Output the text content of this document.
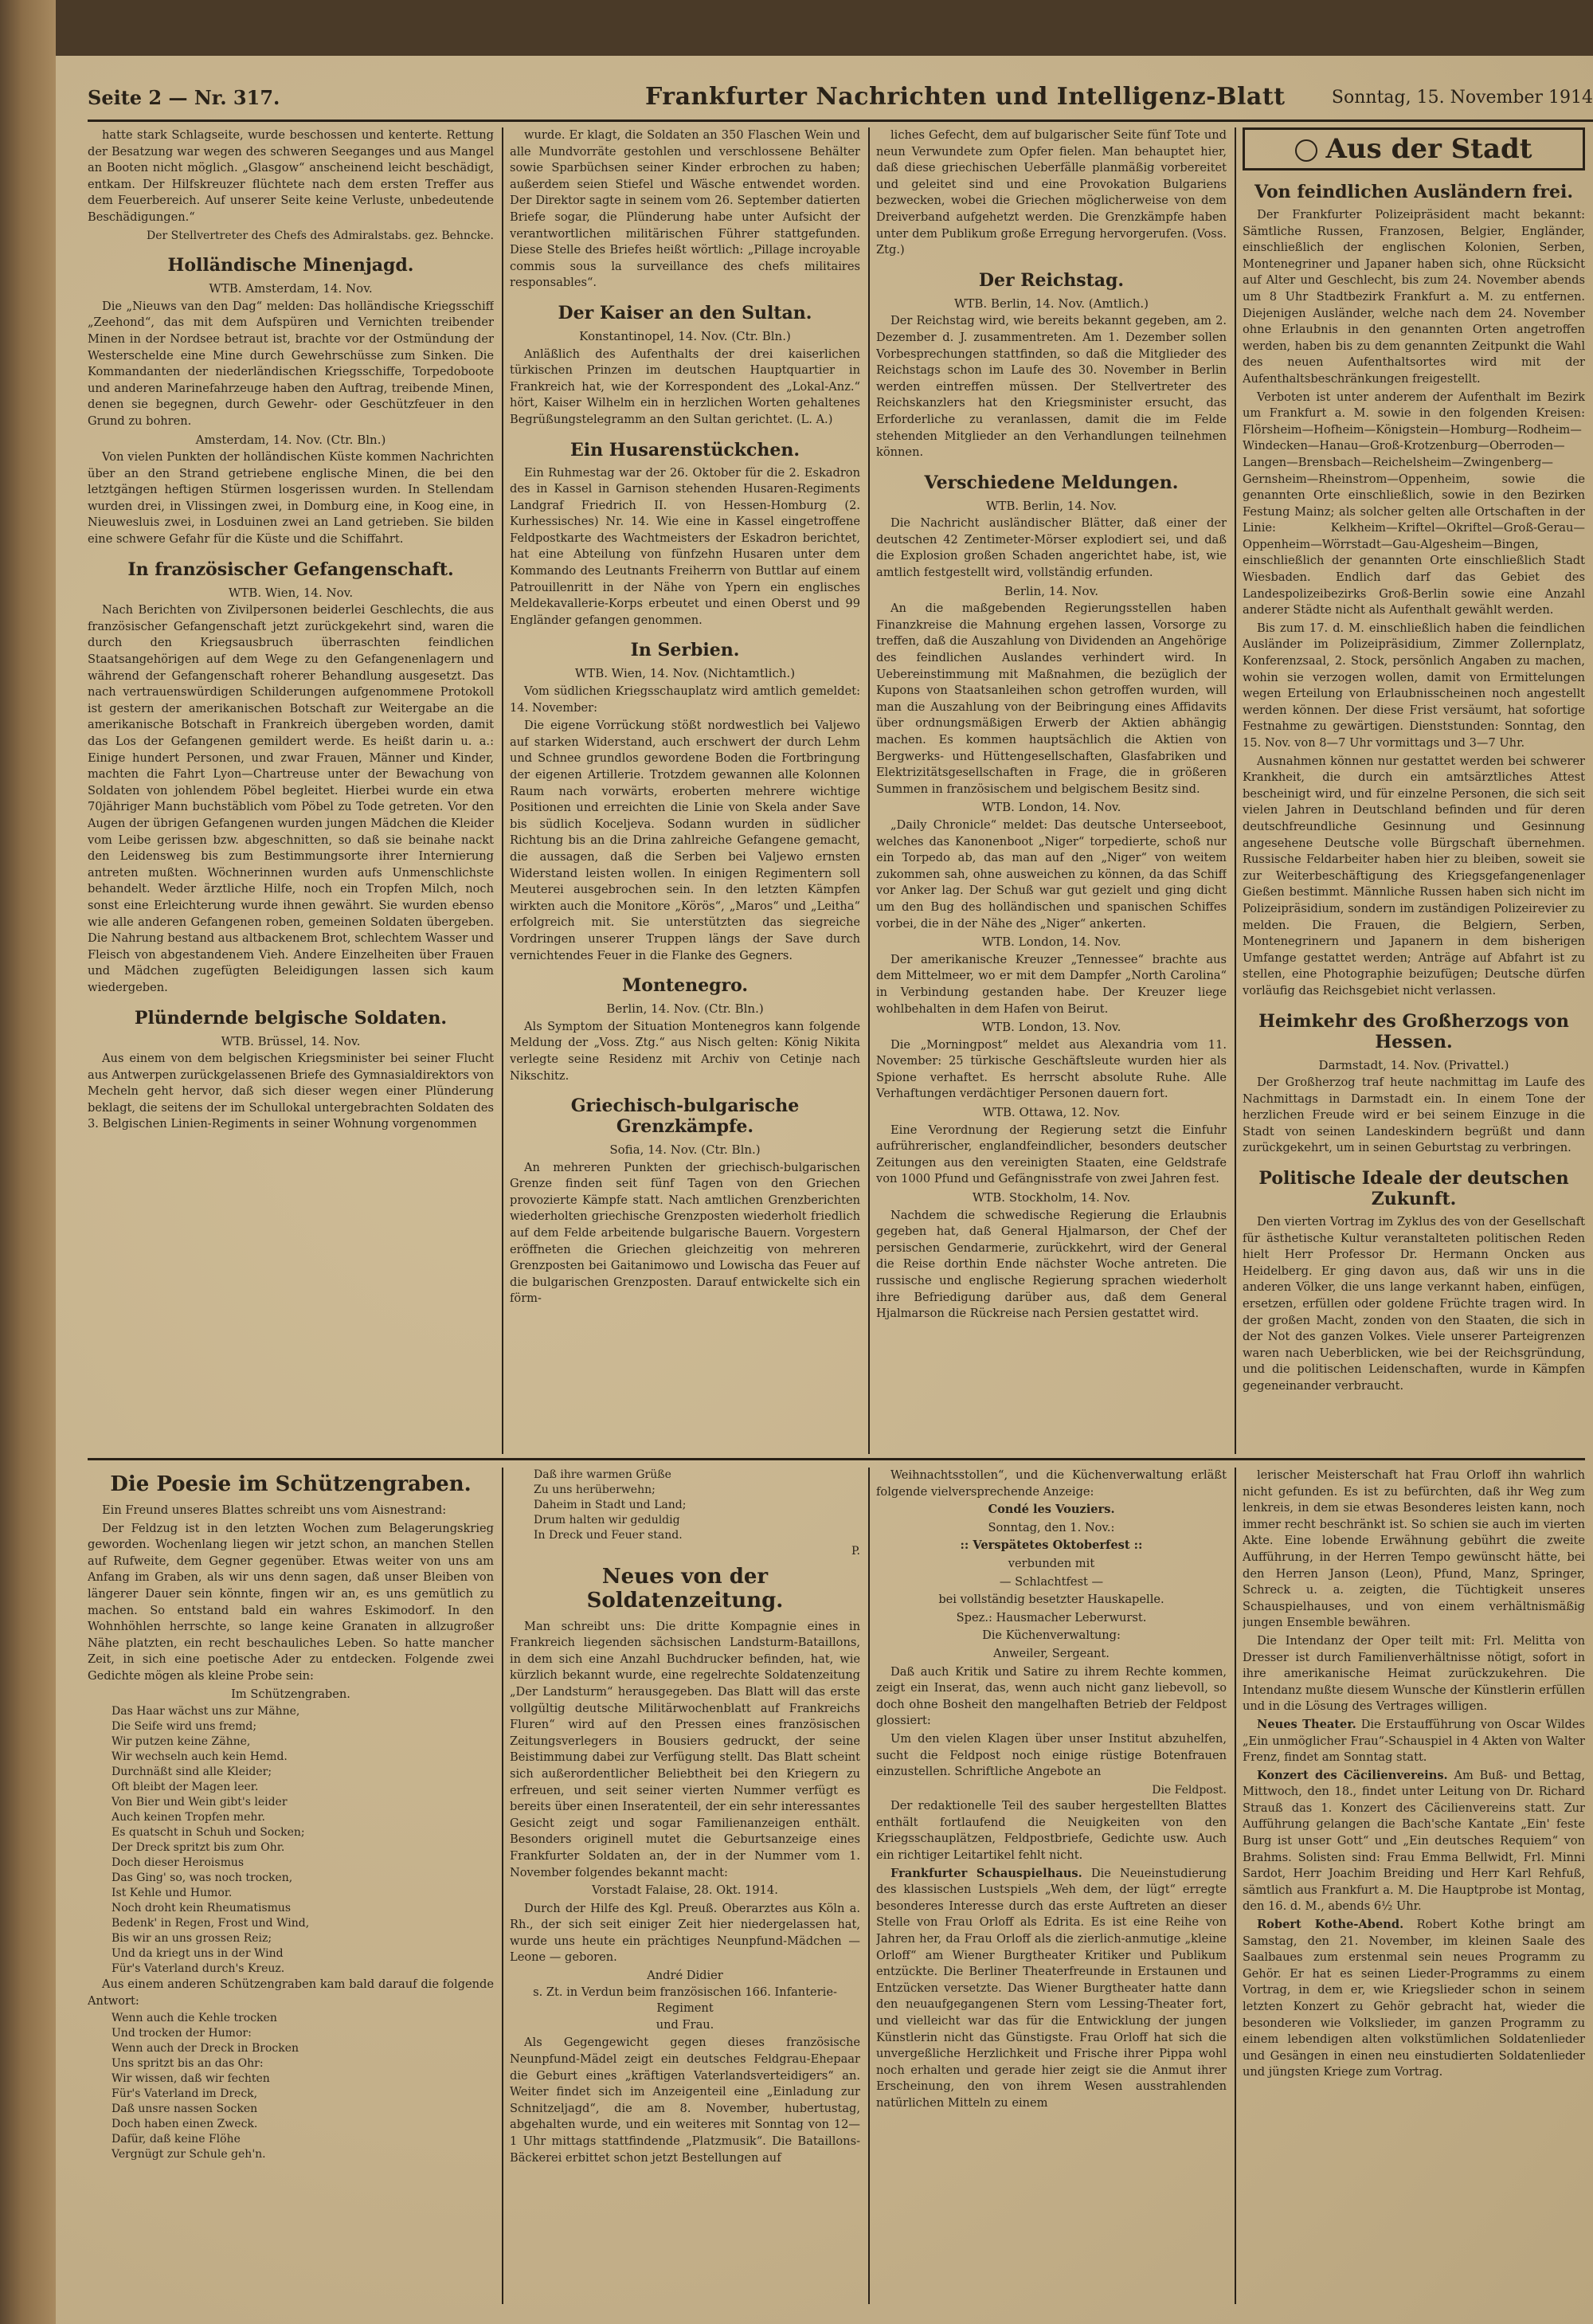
Seite 2 — Nr. 317.	Frankfurter Nachrichten und Intelligenz-Blatt	Sonntag, 15. November 1914

hatte stark Schlagseite, wurde beschossen und kenterte. Rettung der Besatzung war wegen des schweren Seeganges und aus Mangel an Booten nicht möglich. „Glasgow“ anscheinend leicht beschädigt, entkam. Der Hilfskreuzer flüchtete nach dem ersten Treffer aus dem Feuerbereich. Auf unserer Seite keine Verluste, unbedeutende Beschädigungen.“

Der Stellvertreter des Chefs des Admiralstabs. gez. Behncke.

Holländische Minenjagd.
WTB. Amsterdam, 14. Nov.

Die „Nieuws van den Dag“ melden: Das holländische Kriegsschiff „Zeehond“, das mit dem Aufspüren und Vernichten treibender Minen in der Nordsee betraut ist, brachte vor der Ostmündung der Westerschelde eine Mine durch Gewehrschüsse zum Sinken. Die Kommandanten der niederländischen Kriegsschiffe, Torpedoboote und anderen Marinefahrzeuge haben den Auftrag, treibende Minen, denen sie begegnen, durch Gewehr- oder Geschützfeuer in den Grund zu bohren.

Amsterdam, 14. Nov. (Ctr. Bln.)

Von vielen Punkten der holländischen Küste kommen Nachrichten über an den Strand getriebene englische Minen, die bei den letztgängen heftigen Stürmen losgerissen wurden. In Stellendam wurden drei, in Vlissingen zwei, in Domburg eine, in Koog eine, in Nieuwesluis zwei, in Losduinen zwei an Land getrieben. Sie bilden eine schwere Gefahr für die Küste und die Schiffahrt.

In französischer Gefangenschaft.
WTB. Wien, 14. Nov.

Nach Berichten von Zivilpersonen beiderlei Geschlechts, die aus französischer Gefangenschaft jetzt zurückgekehrt sind, waren die durch den Kriegsausbruch überraschten feindlichen Staatsangehörigen auf dem Wege zu den Gefangenenlagern und während der Gefangenschaft roherer Behandlung ausgesetzt. Das nach vertrauenswürdigen Schilderungen aufgenommene Protokoll ist gestern der amerikanischen Botschaft zur Weitergabe an die amerikanische Botschaft in Frankreich übergeben worden, damit das Los der Gefangenen gemildert werde. Es heißt darin u. a.: Einige hundert Personen, und zwar Frauen, Männer und Kinder, machten die Fahrt Lyon—Chartreuse unter der Bewachung von Soldaten von johlendem Pöbel begleitet. Hierbei wurde ein etwa 70jähriger Mann buchstäblich vom Pöbel zu Tode getreten. Vor den Augen der übrigen Gefangenen wurden jungen Mädchen die Kleider vom Leibe gerissen bzw. abgeschnitten, so daß sie beinahe nackt den Leidensweg bis zum Bestimmungsorte ihrer Internierung antreten mußten. Wöchnerinnen wurden aufs Unmenschlichste behandelt. Weder ärztliche Hilfe, noch ein Tropfen Milch, noch sonst eine Erleichterung wurde ihnen gewährt. Sie wurden ebenso wie alle anderen Gefangenen roben, gemeinen Soldaten übergeben. Die Nahrung bestand aus altbackenem Brot, schlechtem Wasser und Fleisch von abgestandenem Vieh. Andere Einzelheiten über Frauen und Mädchen zugefügten Beleidigungen lassen sich kaum wiedergeben.

Plündernde belgische Soldaten.
WTB. Brüssel, 14. Nov.

Aus einem von dem belgischen Kriegsminister bei seiner Flucht aus Antwerpen zurückgelassenen Briefe des Gymnasialdirektors von Mecheln geht hervor, daß sich dieser wegen einer Plünderung beklagt, die seitens der im Schullokal untergebrachten Soldaten des 3. Belgischen Linien-Regiments in seiner Wohnung vorgenommen

wurde. Er klagt, die Soldaten an 350 Flaschen Wein und alle Mundvorräte gestohlen und verschlossene Behälter sowie Sparbüchsen seiner Kinder erbrochen zu haben; außerdem seien Stiefel und Wäsche entwendet worden. Der Direktor sagte in seinem vom 26. September datierten Briefe sogar, die Plünderung habe unter Aufsicht der verantwortlichen militärischen Führer stattgefunden. Diese Stelle des Briefes heißt wörtlich: „Pillage incroyable commis sous la surveillance des chefs militaires responsables“.

Der Kaiser an den Sultan.
Konstantinopel, 14. Nov. (Ctr. Bln.)

Anläßlich des Aufenthalts der drei kaiserlichen türkischen Prinzen im deutschen Hauptquartier in Frankreich hat, wie der Korrespondent des „Lokal-Anz.“ hört, Kaiser Wilhelm ein in herzlichen Worten gehaltenes Begrüßungstelegramm an den Sultan gerichtet. (L. A.)

Ein Husarenstückchen.

Ein Ruhmestag war der 26. Oktober für die 2. Eskadron des in Kassel in Garnison stehenden Husaren-Regiments Landgraf Friedrich II. von Hessen-Homburg (2. Kurhessisches) Nr. 14. Wie eine in Kassel eingetroffene Feldpostkarte des Wachtmeisters der Eskadron berichtet, hat eine Abteilung von fünfzehn Husaren unter dem Kommando des Leutnants Freiherrn von Buttlar auf einem Patrouillenritt in der Nähe von Ypern ein englisches Meldekavallerie-Korps erbeutet und einen Oberst und 99 Engländer gefangen genommen.

In Serbien.
WTB. Wien, 14. Nov. (Nichtamtlich.)

Vom südlichen Kriegsschauplatz wird amtlich gemeldet: 14. November:

Die eigene Vorrückung stößt nordwestlich bei Valjewo auf starken Widerstand, auch erschwert der durch Lehm und Schnee grundlos gewordene Boden die Fortbringung der eigenen Artillerie. Trotzdem gewannen alle Kolonnen Raum nach vorwärts, eroberten mehrere wichtige Positionen und erreichten die Linie von Skela ander Save bis südlich Koceljeva. Sodann wurden in südlicher Richtung bis an die Drina zahlreiche Gefangene gemacht, die aussagen, daß die Serben bei Valjewo ernsten Widerstand leisten wollen. In einigen Regimentern soll Meuterei ausgebrochen sein. In den letzten Kämpfen wirkten auch die Monitore „Körös“, „Maros“ und „Leitha“ erfolgreich mit. Sie unterstützten das siegreiche Vordringen unserer Truppen längs der Save durch vernichtendes Feuer in die Flanke des Gegners.

Montenegro.
Berlin, 14. Nov. (Ctr. Bln.)

Als Symptom der Situation Montenegros kann folgende Meldung der „Voss. Ztg.“ aus Nisch gelten: König Nikita verlegte seine Residenz mit Archiv von Cetinje nach Nikschitz.

Griechisch-bulgarische Grenzkämpfe.
Sofia, 14. Nov. (Ctr. Bln.)

An mehreren Punkten der griechisch-bulgarischen Grenze finden seit fünf Tagen von den Griechen provozierte Kämpfe statt. Nach amtlichen Grenzberichten wiederholten griechische Grenzposten wiederholt friedlich auf dem Felde arbeitende bulgarische Bauern. Vorgestern eröffneten die Griechen gleichzeitig von mehreren Grenzposten bei Gaitanimowo und Lowischa das Feuer auf die bulgarischen Grenzposten. Darauf entwickelte sich ein förm-

liches Gefecht, dem auf bulgarischer Seite fünf Tote und neun Verwundete zum Opfer fielen. Man behauptet hier, daß diese griechischen Ueberfälle planmäßig vorbereitet und geleitet sind und eine Provokation Bulgariens bezwecken, wobei die Griechen möglicherweise von dem Dreiverband aufgehetzt werden. Die Grenzkämpfe haben unter dem Publikum große Erregung hervorgerufen. (Voss. Ztg.)

Der Reichstag.
WTB. Berlin, 14. Nov. (Amtlich.)

Der Reichstag wird, wie bereits bekannt gegeben, am 2. Dezember d. J. zusammentreten. Am 1. Dezember sollen Vorbesprechungen stattfinden, so daß die Mitglieder des Reichstags schon im Laufe des 30. November in Berlin werden eintreffen müssen. Der Stellvertreter des Reichskanzlers hat den Kriegsminister ersucht, das Erforderliche zu veranlassen, damit die im Felde stehenden Mitglieder an den Verhandlungen teilnehmen können.

Verschiedene Meldungen.
WTB. Berlin, 14. Nov.

Die Nachricht ausländischer Blätter, daß einer der deutschen 42 Zentimeter-Mörser explodiert sei, und daß die Explosion großen Schaden angerichtet habe, ist, wie amtlich festgestellt wird, vollständig erfunden.

Berlin, 14. Nov.

An die maßgebenden Regierungsstellen haben Finanzkreise die Mahnung ergehen lassen, Vorsorge zu treffen, daß die Auszahlung von Dividenden an Angehörige des feindlichen Auslandes verhindert wird. In Uebereinstimmung mit Maßnahmen, die bezüglich der Kupons von Staatsanleihen schon getroffen wurden, will man die Auszahlung von der Beibringung eines Affidavits über ordnungsmäßigen Erwerb der Aktien abhängig machen. Es kommen hauptsächlich die Aktien von Bergwerks- und Hüttengesellschaften, Glasfabriken und Elektrizitätsgesellschaften in Frage, die in größeren Summen in französischem und belgischem Besitz sind.

WTB. London, 14. Nov.

„Daily Chronicle“ meldet: Das deutsche Unterseeboot, welches das Kanonenboot „Niger“ torpedierte, schoß nur ein Torpedo ab, das man auf den „Niger“ von weitem zukommen sah, ohne ausweichen zu können, da das Schiff vor Anker lag. Der Schuß war gut gezielt und ging dicht um den Bug des holländischen und spanischen Schiffes vorbei, die in der Nähe des „Niger“ ankerten.

WTB. London, 14. Nov.

Der amerikanische Kreuzer „Tennessee“ brachte aus dem Mittelmeer, wo er mit dem Dampfer „North Carolina“ in Verbindung gestanden habe. Der Kreuzer liege wohlbehalten in dem Hafen von Beirut.

WTB. London, 13. Nov.

Die „Morningpost“ meldet aus Alexandria vom 11. November: 25 türkische Geschäftsleute wurden hier als Spione verhaftet. Es herrscht absolute Ruhe. Alle Verhaftungen verdächtiger Personen dauern fort.

WTB. Ottawa, 12. Nov.

Eine Verordnung der Regierung setzt die Einfuhr aufrührerischer, englandfeindlicher, besonders deutscher Zeitungen aus den vereinigten Staaten, eine Geldstrafe von 1000 Pfund und Gefängnisstrafe von zwei Jahren fest.

WTB. Stockholm, 14. Nov.

Nachdem die schwedische Regierung die Erlaubnis gegeben hat, daß General Hjalmarson, der Chef der persischen Gendarmerie, zurückkehrt, wird der General die Reise dorthin Ende nächster Woche antreten. Die russische und englische Regierung sprachen wiederholt ihre Befriedigung darüber aus, daß dem General Hjalmarson die Rückreise nach Persien gestattet wird.

Aus der Stadt
Von feindlichen Ausländern frei.

Der Frankfurter Polizeipräsident macht bekannt: Sämtliche Russen, Franzosen, Belgier, Engländer, einschließlich der englischen Kolonien, Serben, Montenegriner und Japaner haben sich, ohne Rücksicht auf Alter und Geschlecht, bis zum 24. November abends um 8 Uhr Stadtbezirk Frankfurt a. M. zu entfernen. Diejenigen Ausländer, welche nach dem 24. November ohne Erlaubnis in den genannten Orten angetroffen werden, haben bis zu dem genannten Zeitpunkt die Wahl des neuen Aufenthaltsortes wird mit der Aufenthaltsbeschränkungen freigestellt.

Verboten ist unter anderem der Aufenthalt im Bezirk um Frankfurt a. M. sowie in den folgenden Kreisen: Flörsheim—Hofheim—Königstein—Homburg—Rodheim—Windecken—Hanau—Groß-Krotzenburg—Oberroden—Langen—Brensbach—Reichelsheim—Zwingenberg—Gernsheim—Rheinstrom—Oppenheim, sowie die genannten Orte einschließlich, sowie in den Bezirken Festung Mainz; als solcher gelten alle Ortschaften in der Linie: Kelkheim—Kriftel—Okriftel—Groß-Gerau—Oppenheim—Wörrstadt—Gau-Algesheim—Bingen, einschließlich der genannten Orte einschließlich Stadt Wiesbaden. Endlich darf das Gebiet des Landespolizeibezirks Groß-Berlin sowie eine Anzahl anderer Städte nicht als Aufenthalt gewählt werden.

Bis zum 17. d. M. einschließlich haben die feindlichen Ausländer im Polizeipräsidium, Zimmer Zollernplatz, Konferenzsaal, 2. Stock, persönlich Angaben zu machen, wohin sie verzogen wollen, damit von Ermittelungen wegen Erteilung von Erlaubnisscheinen noch angestellt werden können. Der diese Frist versäumt, hat sofortige Festnahme zu gewärtigen. Dienststunden: Sonntag, den 15. Nov. von 8—7 Uhr vormittags und 3—7 Uhr.

Ausnahmen können nur gestattet werden bei schwerer Krankheit, die durch ein amtsärztliches Attest bescheinigt wird, und für einzelne Personen, die sich seit vielen Jahren in Deutschland befinden und für deren deutschfreundliche Gesinnung und Gesinnung angesehene Deutsche volle Bürgschaft übernehmen. Russische Feldarbeiter haben hier zu bleiben, soweit sie zur Weiterbeschäftigung des Kriegsgefangenenlager Gießen bestimmt. Männliche Russen haben sich nicht im Polizeipräsidium, sondern im zuständigen Polizeirevier zu melden. Die Frauen, die Belgiern, Serben, Montenegrinern und Japanern in dem bisherigen Umfange gestattet werden; Anträge auf Abfahrt ist zu stellen, eine Photographie beizufügen; Deutsche dürfen vorläufig das Reichsgebiet nicht verlassen.

Heimkehr des Großherzogs von Hessen.
Darmstadt, 14. Nov. (Privattel.)

Der Großherzog traf heute nachmittag im Laufe des Nachmittags in Darmstadt ein. In einem Tone der herzlichen Freude wird er bei seinem Einzuge in die Stadt von seinen Landeskindern begrüßt und dann zurückgekehrt, um in seinen Geburtstag zu verbringen.

Politische Ideale der deutschen Zukunft.

Den vierten Vortrag im Zyklus des von der Gesellschaft für ästhetische Kultur veranstalteten politischen Reden hielt Herr Professor Dr. Hermann Oncken aus Heidelberg. Er ging davon aus, daß wir uns in die anderen Völker, die uns lange verkannt haben, einfügen, ersetzen, erfüllen oder goldene Früchte tragen wird. In der großen Macht, zonden von den Staaten, die sich in der Not des ganzen Volkes. Viele unserer Parteigrenzen waren nach Ueberblicken, wie bei der Reichsgründung, und die politischen Leidenschaften, wurde in Kämpfen gegeneinander verbraucht.

Die Poesie im Schützengraben.

Ein Freund unseres Blattes schreibt uns vom Aisnestrand:

Der Feldzug ist in den letzten Wochen zum Belagerungskrieg geworden. Wochenlang liegen wir jetzt schon, an manchen Stellen auf Rufweite, dem Gegner gegenüber. Etwas weiter von uns am Anfang im Graben, als wir uns denn sagen, daß unser Bleiben von längerer Dauer sein könnte, fingen wir an, es uns gemütlich zu machen. So entstand bald ein wahres Eskimodorf. In den Wohnhöhlen herrschte, so lange keine Granaten in allzugroßer Nähe platzten, ein recht beschauliches Leben. So hatte mancher Zeit, in sich eine poetische Ader zu entdecken. Folgende zwei Gedichte mögen als kleine Probe sein:

Im Schützengraben.
Das Haar wächst uns zur Mähne,
Die Seife wird uns fremd;
Wir putzen keine Zähne,
Wir wechseln auch kein Hemd.
Durchnäßt sind alle Kleider;
Oft bleibt der Magen leer.
Von Bier und Wein gibt's leider
Auch keinen Tropfen mehr.
Es quatscht in Schuh und Socken;
Der Dreck spritzt bis zum Ohr.
Doch dieser Heroismus
Das Ging' so, was noch trocken,
Ist Kehle und Humor.
Noch droht kein Rheumatismus
Bedenk' in Regen, Frost und Wind,
Bis wir an uns grossen Reiz;
Und da kriegt uns in der Wind
Für's Vaterland durch's Kreuz.

Aus einem anderen Schützengraben kam bald darauf die folgende Antwort:

Wenn auch die Kehle trocken
Und trocken der Humor:
Wenn auch der Dreck in Brocken
Uns spritzt bis an das Ohr:
Wir wissen, daß wir fechten
Für's Vaterland im Dreck,
Daß unsre nassen Socken
Doch haben einen Zweck.
Dafür, daß keine Flöhe
Vergnügt zur Schule geh'n.
Daß ihre warmen Grüße
Zu uns herüberwehn;
Daheim in Stadt und Land;
Drum halten wir geduldig
In Dreck und Feuer stand.
P.
Neues von der Soldatenzeitung.

Man schreibt uns: Die dritte Kompagnie eines in Frankreich liegenden sächsischen Landsturm-Bataillons, in dem sich eine Anzahl Buchdrucker befinden, hat, wie kürzlich bekannt wurde, eine regelrechte Soldatenzeitung „Der Landsturm“ herausgegeben. Das Blatt will das erste vollgültig deutsche Militärwochenblatt auf Frankreichs Fluren“ wird auf den Pressen eines französischen Zeitungsverlegers in Bousiers gedruckt, der seine Beistimmung dabei zur Verfügung stellt. Das Blatt scheint sich außerordentlicher Beliebtheit bei den Kriegern zu erfreuen, und seit seiner vierten Nummer verfügt es bereits über einen Inseratenteil, der ein sehr interessantes Gesicht zeigt und sogar Familienanzeigen enthält. Besonders originell mutet die Geburtsanzeige eines Frankfurter Soldaten an, der in der Nummer vom 1. November folgendes bekannt macht:

Vorstadt Falaise, 28. Okt. 1914.

Durch der Hilfe des Kgl. Preuß. Oberarztes aus Köln a. Rh., der sich seit einiger Zeit hier niedergelassen hat, wurde uns heute ein prächtiges Neunpfund-Mädchen — Leone — geboren.

André Didier
s. Zt. in Verdun beim französischen 166. Infanterie-Regiment
und Frau.

Als Gegengewicht gegen dieses französische Neunpfund-Mädel zeigt ein deutsches Feldgrau-Ehepaar die Geburt eines „kräftigen Vaterlandsverteidigers“ an. Weiter findet sich im Anzeigenteil eine „Einladung zur Schnitzeljagd“, die am 8. November, hubertustag, abgehalten wurde, und ein weiteres mit Sonntag von 12—1 Uhr mittags stattfindende „Platzmusik“. Die Bataillons-Bäckerei erbittet schon jetzt Bestellungen auf

Weihnachtsstollen“, und die Küchenverwaltung erläßt folgende vielversprechende Anzeige:

Condé les Vouziers.
Sonntag, den 1. Nov.:
:: Verspätetes Oktoberfest ::
verbunden mit
— Schlachtfest —
bei vollständig besetzter Hauskapelle.
Spez.: Hausmacher Leberwurst.
Die Küchenverwaltung:
Anweiler, Sergeant.

Daß auch Kritik und Satire zu ihrem Rechte kommen, zeigt ein Inserat, das, wenn auch nicht ganz liebevoll, so doch ohne Bosheit den mangelhaften Betrieb der Feldpost glossiert:

Um den vielen Klagen über unser Institut abzuhelfen, sucht die Feldpost noch einige rüstige Botenfrauen einzustellen. Schriftliche Angebote an

Die Feldpost.

Der redaktionelle Teil des sauber hergestellten Blattes enthält fortlaufend die Neuigkeiten von den Kriegsschauplätzen, Feldpostbriefe, Gedichte usw. Auch ein richtiger Leitartikel fehlt nicht.

Frankfurter Schauspielhaus. Die Neueinstudierung des klassischen Lustspiels „Weh dem, der lügt“ erregte besonderes Interesse durch das erste Auftreten an dieser Stelle von Frau Orloff als Edrita. Es ist eine Reihe von Jahren her, da Frau Orloff als die zierlich-anmutige „kleine Orloff“ am Wiener Burgtheater Kritiker und Publikum entzückte. Die Berliner Theaterfreunde in Erstaunen und Entzücken versetzte. Das Wiener Burgtheater hatte dann den neuaufgegangenen Stern vom Lessing-Theater fort, und vielleicht war das für die Entwicklung der jungen Künstlerin nicht das Günstigste. Frau Orloff hat sich die unvergeßliche Herzlichkeit und Frische ihrer Pippa wohl noch erhalten und gerade hier zeigt sie die Anmut ihrer Erscheinung, den von ihrem Wesen ausstrahlenden natürlichen Mitteln zu einem

lerischer Meisterschaft hat Frau Orloff ihn wahrlich nicht gefunden. Es ist zu befürchten, daß ihr Weg zum lenkreis, in dem sie etwas Besonderes leisten kann, noch immer recht beschränkt ist. So schien sie auch im vierten Akte. Eine lobende Erwähnung gebührt die zweite Aufführung, in der Herren Tempo gewünscht hätte, bei den Herren Janson (Leon), Pfund, Manz, Springer, Schreck u. a. zeigten, die Tüchtigkeit unseres Schauspielhauses, und von einem verhältnismäßig jungen Ensemble bewähren.

Die Intendanz der Oper teilt mit: Frl. Melitta von Dresser ist durch Familienverhältnisse nötigt, sofort in ihre amerikanische Heimat zurückzukehren. Die Intendanz mußte diesem Wunsche der Künstlerin erfüllen und in die Lösung des Vertrages willigen.

Neues Theater. Die Erstaufführung von Oscar Wildes „Ein unmöglicher Frau“-Schauspiel in 4 Akten von Walter Frenz, findet am Sonntag statt.

Konzert des Cäcilienvereins. Am Buß- und Bettag, Mittwoch, den 18., findet unter Leitung von Dr. Richard Strauß das 1. Konzert des Cäcilienvereins statt. Zur Aufführung gelangen die Bach'sche Kantate „Ein' feste Burg ist unser Gott“ und „Ein deutsches Requiem“ von Brahms. Solisten sind: Frau Emma Bellwidt, Frl. Minni Sardot, Herr Joachim Breiding und Herr Karl Rehfuß, sämtlich aus Frankfurt a. M. Die Hauptprobe ist Montag, den 16. d. M., abends 6½ Uhr.

Robert Kothe-Abend. Robert Kothe bringt am Samstag, den 21. November, im kleinen Saale des Saalbaues zum erstenmal sein neues Programm zu Gehör. Er hat es seinen Lieder-Programms zu einem Vortrag, in dem er, wie Kriegslieder schon in seinem letzten Konzert zu Gehör gebracht hat, wieder die besonderen wie Volkslieder, im ganzen Programm zu einem lebendigen alten volkstümlichen Soldatenlieder und Gesängen in einen neu einstudierten Soldatenlieder und jüngsten Kriege zum Vortrag.
